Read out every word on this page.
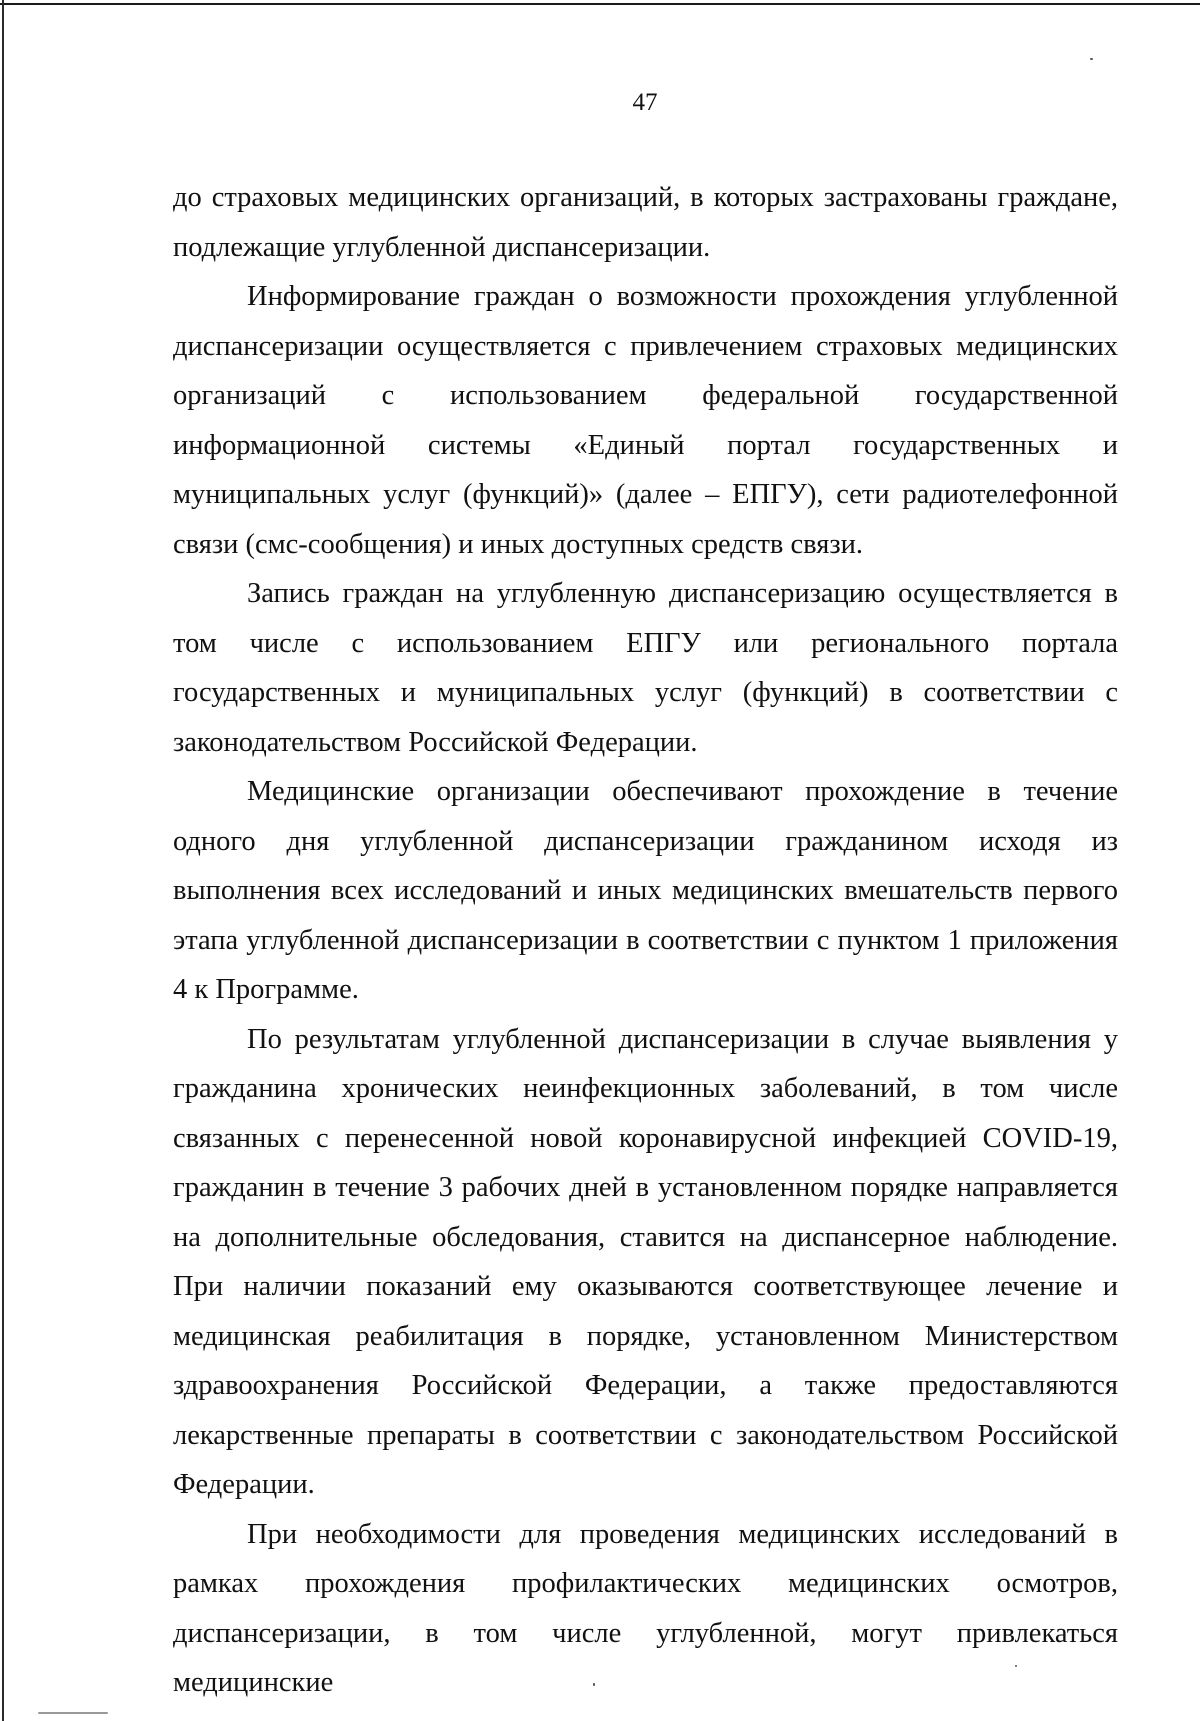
47

до страховых медицинских организаций, в которых застрахованы граждане, подлежащие углубленной диспансеризации.

Информирование граждан о возможности прохождения углубленной диспансеризации осуществляется с привлечением страховых медицинских организаций с использованием федеральной государственной информационной системы «Единый портал государственных и муниципальных услуг (функций)» (далее – ЕПГУ), сети радиотелефонной связи (смс-сообщения) и иных доступных средств связи.

Запись граждан на углубленную диспансеризацию осуществляется в том числе с использованием ЕПГУ или регионального портала государственных и муниципальных услуг (функций) в соответствии с законодательством Российской Федерации.

Медицинские организации обеспечивают прохождение в течение одного дня углубленной диспансеризации гражданином исходя из выполнения всех исследований и иных медицинских вмешательств первого этапа углубленной диспансеризации в соответствии с пунктом 1 приложения 4 к Программе.

По результатам углубленной диспансеризации в случае выявления у гражданина хронических неинфекционных заболеваний, в том числе связанных с перенесенной новой коронавирусной инфекцией COVID-19, гражданин в течение 3 рабочих дней в установленном порядке направляется на дополнительные обследования, ставится на диспансерное наблюдение. При наличии показаний ему оказываются соответствующее лечение и медицинская реабилитация в порядке, установленном Министерством здравоохранения Российской Федерации, а также предоставляются лекарственные препараты в соответствии с законодательством Российской Федерации.

При необходимости для проведения медицинских исследований в рамках прохождения профилактических медицинских осмотров, диспансеризации, в том числе углубленной, могут привлекаться медицинские
